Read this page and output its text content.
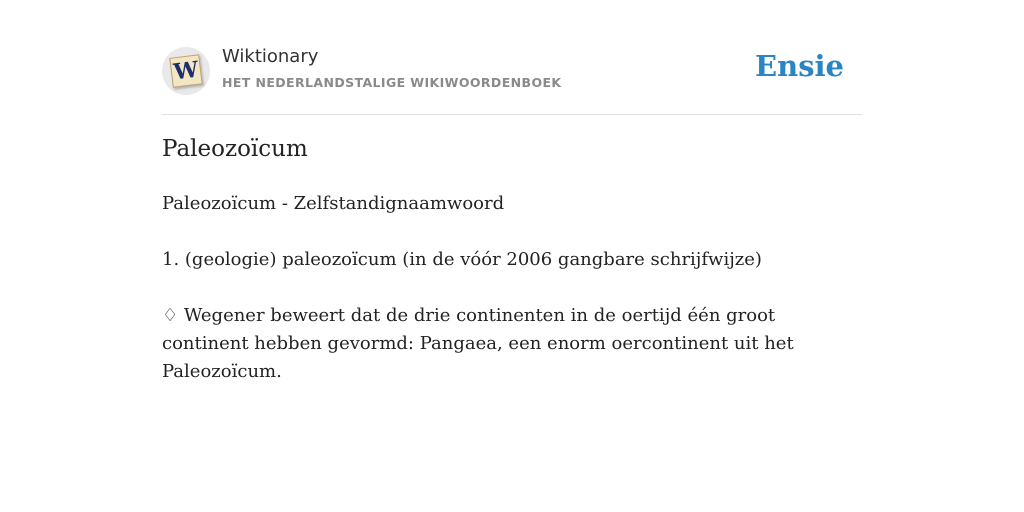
W
Wiktionary
HET NEDERLANDSTALIGE WIKIWOORDENBOEK	Ensie
Paleozoïcum

Paleozoïcum - Zelfstandignaamwoord

1. (geologie) paleozoïcum (in de vóór 2006 gangbare schrijfwijze)

♢ Wegener beweert dat de drie continenten in de oertijd één groot continent hebben gevormd: Pangaea, een enorm oercontinent uit het Paleozoïcum.
